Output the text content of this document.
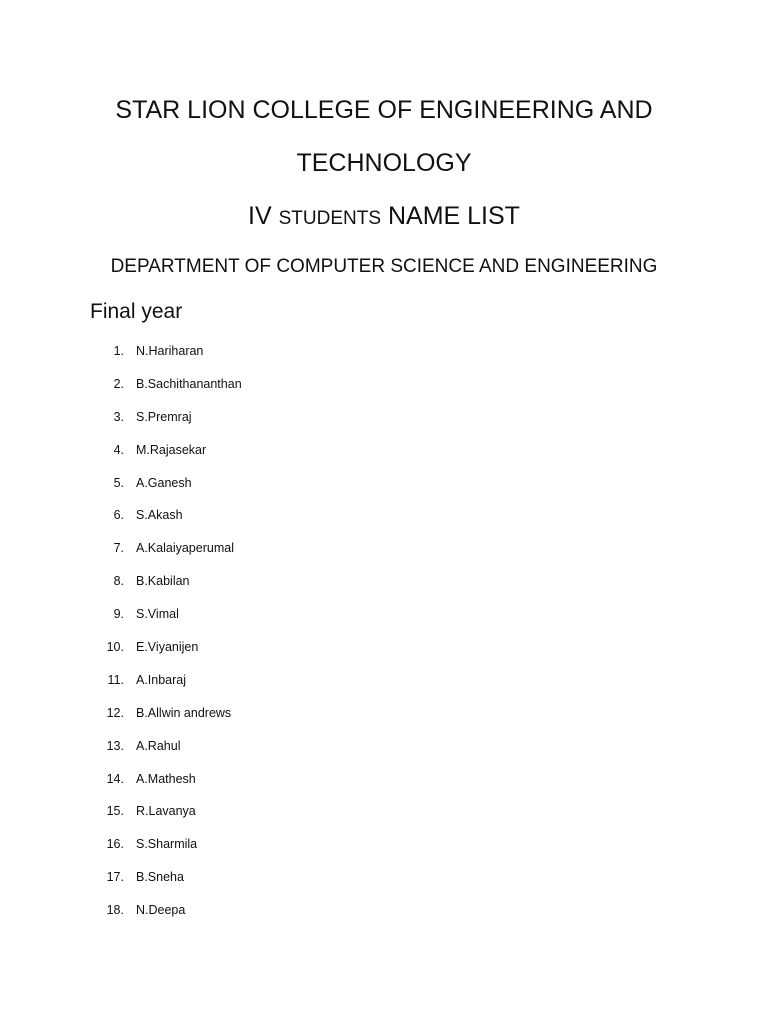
STAR LION COLLEGE OF ENGINEERING AND
TECHNOLOGY
IV STUDENTS NAME LIST
DEPARTMENT OF COMPUTER SCIENCE AND ENGINEERING
Final year
1. N.Hariharan
2. B.Sachithananthan
3. S.Premraj
4. M.Rajasekar
5. A.Ganesh
6. S.Akash
7. A.Kalaiyaperumal
8. B.Kabilan
9. S.Vimal
10. E.Viyanijen
11. A.Inbaraj
12. B.Allwin andrews
13. A.Rahul
14. A.Mathesh
15. R.Lavanya
16. S.Sharmila
17. B.Sneha
18. N.Deepa
